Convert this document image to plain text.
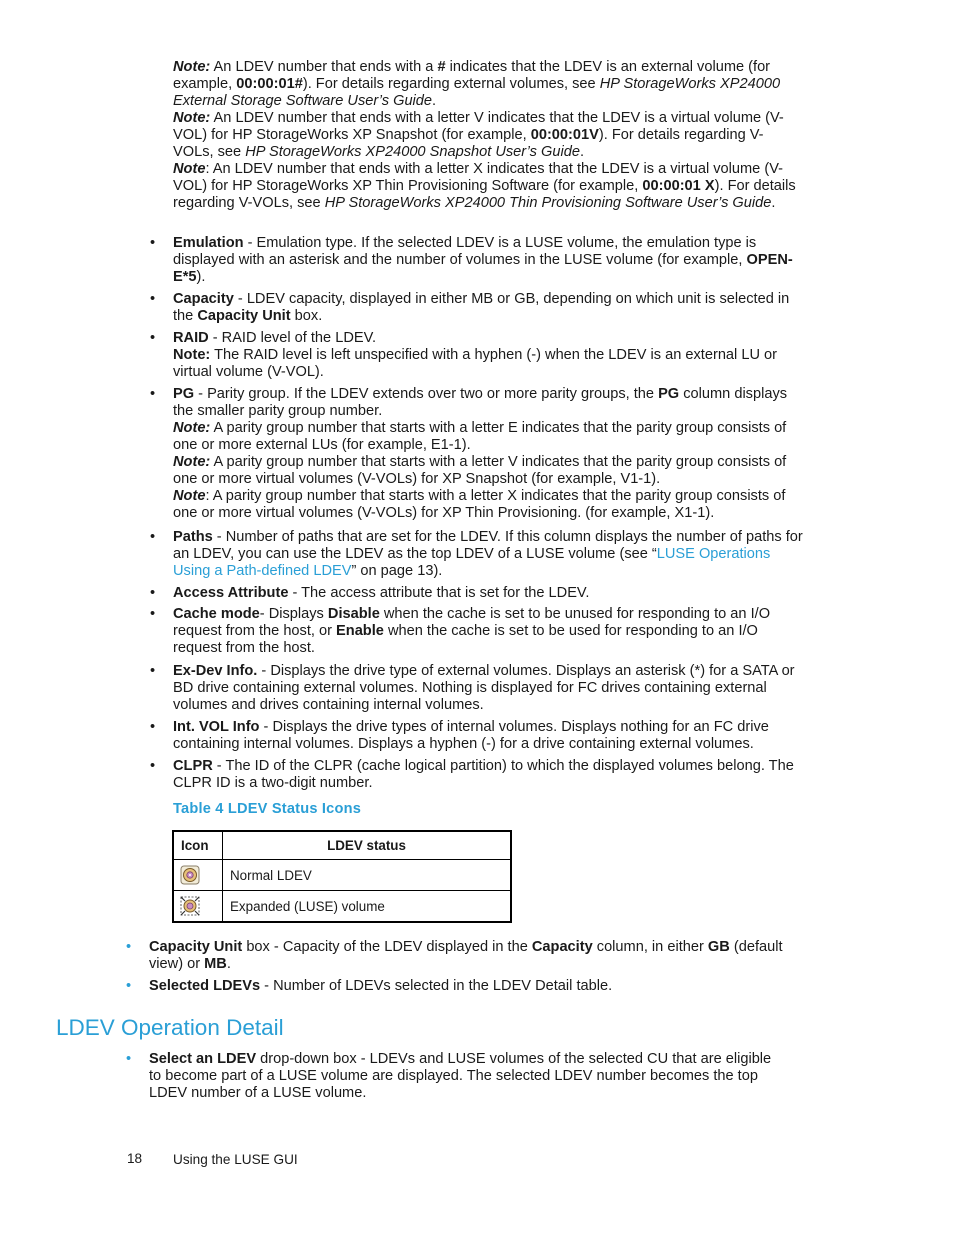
Note: An LDEV number that ends with a # indicates that the LDEV is an external volume (for example, 00:00:01#). For details regarding external volumes, see HP StorageWorks XP24000 External Storage Software User’s Guide.

Note: An LDEV number that ends with a letter V indicates that the LDEV is a virtual volume (V-VOL) for HP StorageWorks XP Snapshot (for example, 00:00:01V). For details regarding V-VOLs, see HP StorageWorks XP24000 Snapshot User’s Guide.

Note: An LDEV number that ends with a letter X indicates that the LDEV is a virtual volume (V-VOL) for HP StorageWorks XP Thin Provisioning Software (for example, 00:00:01 X). For details regarding V-VOLs, see HP StorageWorks XP24000 Thin Provisioning Software User’s Guide.

•	Emulation - Emulation type. If the selected LDEV is a LUSE volume, the emulation type is displayed with an asterisk and the number of volumes in the LUSE volume (for example, OPEN-E*5).
•	Capacity - LDEV capacity, displayed in either MB or GB, depending on which unit is selected in the Capacity Unit box.
•	RAID - RAID level of the LDEV.

Note: The RAID level is left unspecified with a hyphen (-) when the LDEV is an external LU or virtual volume (V-VOL).

•	PG - Parity group. If the LDEV extends over two or more parity groups, the PG column displays the smaller parity group number.

Note: A parity group number that starts with a letter E indicates that the parity group consists of one or more external LUs (for example, E1-1).

Note: A parity group number that starts with a letter V indicates that the parity group consists of one or more virtual volumes (V-VOLs) for XP Snapshot (for example, V1-1).

Note: A parity group number that starts with a letter X indicates that the parity group consists of one or more virtual volumes (V-VOLs) for XP Thin Provisioning. (for example, X1-1).

•	Paths - Number of paths that are set for the LDEV. If this column displays the number of paths for an LDEV, you can use the LDEV as the top LDEV of a LUSE volume (see “LUSE Operations Using a Path-defined LDEV” on page 13).
•	Access Attribute - The access attribute that is set for the LDEV.
•	Cache mode- Displays Disable when the cache is set to be unused for responding to an I/O request from the host, or Enable when the cache is set to be used for responding to an I/O request from the host.
•	Ex-Dev Info. - Displays the drive type of external volumes. Displays an asterisk (*) for a SATA or BD drive containing external volumes. Nothing is displayed for FC drives containing external volumes and drives containing internal volumes.
•	Int. VOL Info - Displays the drive types of internal volumes. Displays nothing for an FC drive containing internal volumes. Displays a hyphen (-) for a drive containing external volumes.
•	CLPR - The ID of the CLPR (cache logical partition) to which the displayed volumes belong. The CLPR ID is a two-digit number.
Table 4 LDEV Status Icons
Icon	LDEV status
	Normal LDEV
	Expanded (LUSE) volume
•	Capacity Unit box - Capacity of the LDEV displayed in the Capacity column, in either GB (default view) or MB.
•	Selected LDEVs - Number of LDEVs selected in the LDEV Detail table.
LDEV Operation Detail
•	Select an LDEV drop-down box - LDEVs and LUSE volumes of the selected CU that are eligible to become part of a LUSE volume are displayed. The selected LDEV number becomes the top LDEV number of a LUSE volume.
18 Using the LUSE GUI
